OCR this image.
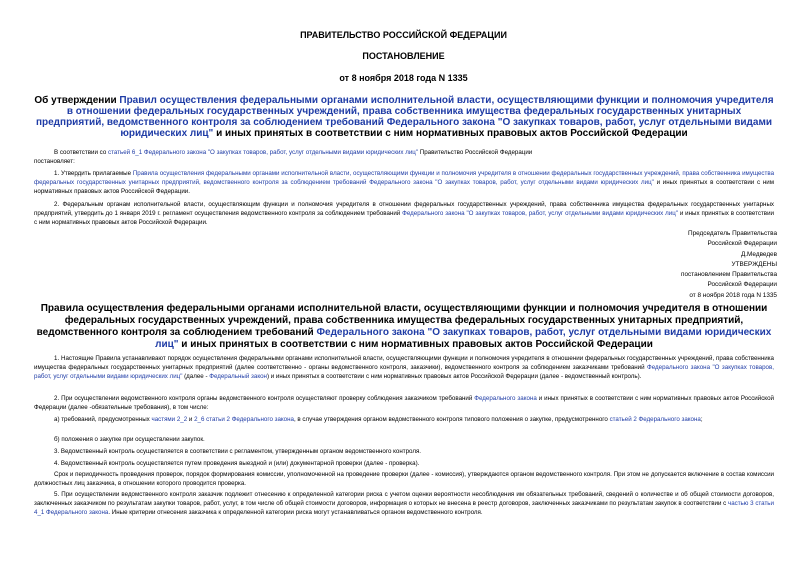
ПРАВИТЕЛЬСТВО РОССИЙСКОЙ ФЕДЕРАЦИИ
ПОСТАНОВЛЕНИЕ
от 8 ноября 2018 года N 1335
Об утверждении Правил осуществления федеральными органами исполнительной власти, осуществляющими функции и полномочия учредителя в отношении федеральных государственных учреждений, права собственника имущества федеральных государственных унитарных предприятий, ведомственного контроля за соблюдением требований Федерального закона "О закупках товаров, работ, услуг отдельными видами юридических лиц" и иных принятых в соответствии с ним нормативных правовых актов Российской Федерации
В соответствии со статьей 6_1 Федерального закона "О закупках товаров, работ, услуг отдельными видами юридических лиц" Правительство Российской Федерации
постановляет:
1. Утвердить прилагаемые Правила осуществления федеральными органами исполнительной власти, осуществляющими функции и полномочия учредителя в отношении федеральных государственных учреждений, права собственника имущества федеральных государственных унитарных предприятий, ведомственного контроля за соблюдением требований Федерального закона "О закупках товаров, работ, услуг отдельными видами юридических лиц" и иных принятых в соответствии с ним нормативных правовых актов Российской Федерации.
2. Федеральным органам исполнительной власти, осуществляющим функции и полномочия учредителя в отношении федеральных государственных учреждений, права собственника имущества федеральных государственных унитарных предприятий, утвердить до 1 января 2019 г. регламент осуществления ведомственного контроля за соблюдением требований Федерального закона "О закупках товаров, работ, услуг отдельными видами юридических лиц" и иных принятых в соответствии с ним нормативных правовых актов Российской Федерации.
Председатель Правительства
Российской Федерации
Д.Медведев
УТВЕРЖДЕНЫ
постановлением Правительства
Российской Федерации
от 8 ноября 2018 года N 1335
Правила осуществления федеральными органами исполнительной власти, осуществляющими функции и полномочия учредителя в отношении федеральных государственных учреждений, права собственника имущества федеральных государственных унитарных предприятий, ведомственного контроля за соблюдением требований Федерального закона "О закупках товаров, работ, услуг отдельными видами юридических лиц" и иных принятых в соответствии с ним нормативных правовых актов Российской Федерации
1. Настоящие Правила устанавливают порядок осуществления федеральными органами исполнительной власти, осуществляющими функции и полномочия учредителя в отношении федеральных государственных учреждений, права собственника имущества федеральных государственных унитарных предприятий (далее соответственно - органы ведомственного контроля, заказчики), ведомственного контроля за соблюдением заказчиками требований Федерального закона "О закупках товаров, работ, услуг отдельными видами юридических лиц" (далее - Федеральный закон) и иных принятых в соответствии с ним нормативных правовых актов Российской Федерации (далее - ведомственный контроль).
2. При осуществлении ведомственного контроля органы ведомственного контроля осуществляют проверку соблюдения заказчиком требований Федерального закона и иных принятых в соответствии с ним нормативных правовых актов Российской Федерации (далее -обязательные требования), в том числе:
а) требований, предусмотренных частями 2_2 и 2_6 статьи 2 Федерального закона, в случае утверждения органом ведомственного контроля типового положения о закупке, предусмотренного статьей 2 Федерального закона;
б) положения о закупке при осуществлении закупок.
3. Ведомственный контроль осуществляется в соответствии с регламентом, утвержденным органом ведомственного контроля.
4. Ведомственный контроль осуществляется путем проведения выездной и (или) документарной проверки (далее - проверка).
Срок и периодичность проведения проверок, порядок формирования комиссии, уполномоченной на проведение проверки (далее - комиссия), утверждаются органом ведомственного контроля. При этом не допускается включение в состав комиссии должностных лиц заказчика, в отношении которого проводится проверка.
5. При осуществлении ведомственного контроля заказчик подлежит отнесению к определенной категории риска с учетом оценки вероятности несоблюдения им обязательных требований, сведений о количестве и об общей стоимости договоров, заключенных заказчиком по результатам закупки товаров, работ, услуг, в том числе об общей стоимости договоров, информация о которых не внесена в реестр договоров, заключенных заказчиками по результатам закупок в соответствии с частью 3 статьи 4_1 Федерального закона. Иные критерии отнесения заказчика к определенной категории риска могут устанавливаться органом ведомственного контроля.
